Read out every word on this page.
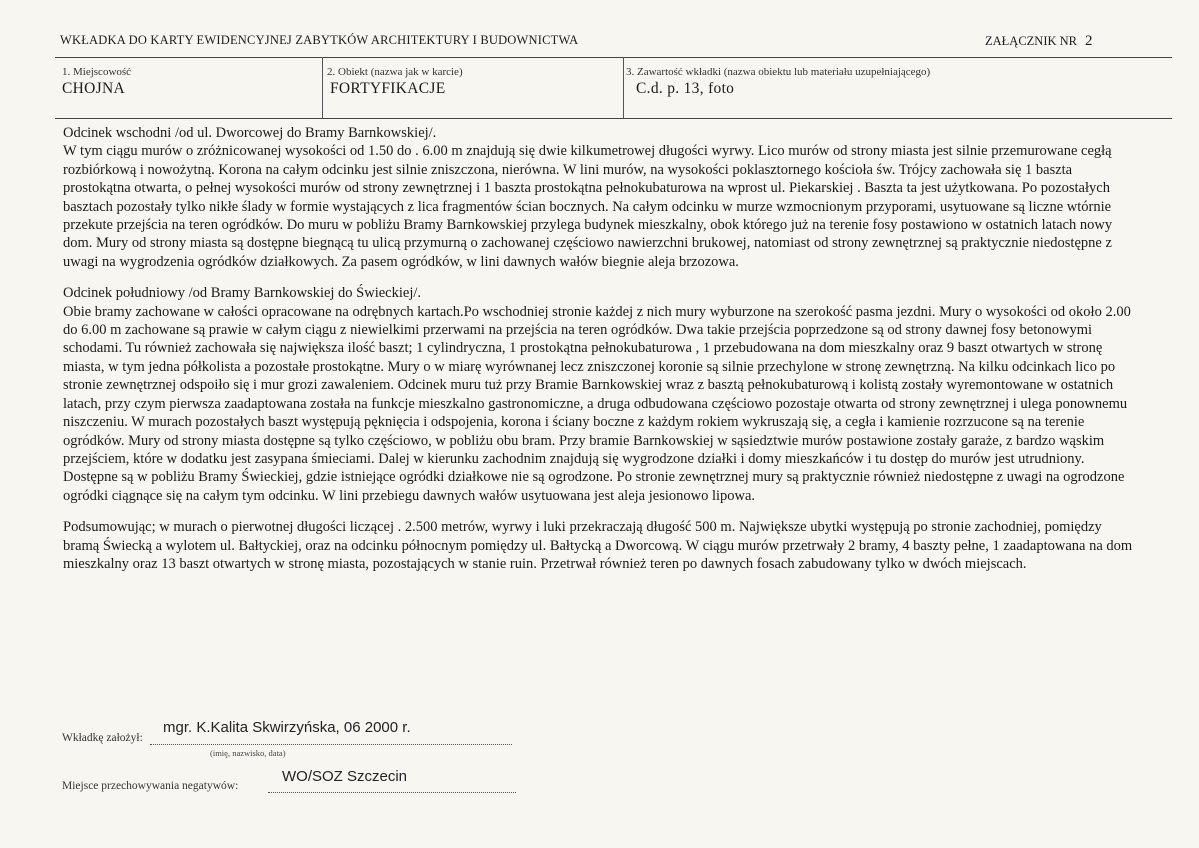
WKŁADKA DO KARTY EWIDENCYJNEJ ZABYTKÓW ARCHITEKTURY I BUDOWNICTWA	ZAŁĄCZNIK NR 2
1. Miejscowość
CHOJNA
2. Obiekt (nazwa jak w karcie)
FORTYFIKACJE
3. Zawartość wkładki (nazwa obiektu lub materiału uzupełniającego)
C.d. p. 13, foto

Odcinek wschodni /od ul. Dworcowej do Bramy Barnkowskiej/.

W tym ciągu murów o zróżnicowanej wysokości od 1.50 do . 6.00 m znajdują się dwie kilkumetrowej długości wyrwy. Lico murów od strony miasta jest silnie przemurowane cegłą rozbiórkową i nowożytną. Korona na całym odcinku jest silnie zniszczona, nierówna. W lini murów, na wysokości poklasztornego kościoła św. Trójcy zachowała się 1 baszta prostokątna otwarta, o pełnej wysokości murów od strony zewnętrznej i 1 baszta prostokątna pełnokubaturowa na wprost ul. Piekarskiej . Baszta ta jest użytkowana. Po pozostałych basztach pozostały tylko nikłe ślady w formie wystających z lica fragmentów ścian bocznych. Na całym odcinku w murze wzmocnionym przyporami, usytuowane są liczne wtórnie przekute przejścia na teren ogródków. Do muru w pobliżu Bramy Barnkowskiej przylega budynek mieszkalny, obok którego już na terenie fosy postawiono w ostatnich latach nowy dom. Mury od strony miasta są dostępne biegnącą tu ulicą przymurną o zachowanej częściowo nawierzchni brukowej, natomiast od strony zewnętrznej są praktycznie niedostępne z uwagi na wygrodzenia ogródków działkowych. Za pasem ogródków, w lini dawnych wałów biegnie aleja brzozowa.

Odcinek południowy /od Bramy Barnkowskiej do Świeckiej/.

Obie bramy zachowane w całości opracowane na odrębnych kartach.Po wschodniej stronie każdej z nich mury wyburzone na szerokość pasma jezdni. Mury o wysokości od około 2.00 do 6.00 m zachowane są prawie w całym ciągu z niewielkimi przerwami na przejścia na teren ogródków. Dwa takie przejścia poprzedzone są od strony dawnej fosy betonowymi schodami. Tu również zachowała się największa ilość baszt; 1 cylindryczna, 1 prostokątna pełnokubaturowa , 1 przebudowana na dom mieszkalny oraz 9 baszt otwartych w stronę miasta, w tym jedna półkolista a pozostałe prostokątne. Mury o w miarę wyrównanej lecz zniszczonej koronie są silnie przechylone w stronę zewnętrzną. Na kilku odcinkach lico po stronie zewnętrznej odspoiło się i mur grozi zawaleniem. Odcinek muru tuż przy Bramie Barnkowskiej wraz z basztą pełnokubaturową i kolistą zostały wyremontowane w ostatnich latach, przy czym pierwsza zaadaptowana została na funkcje mieszkalno gastronomiczne, a druga odbudowana częściowo pozostaje otwarta od strony zewnętrznej i ulega ponownemu niszczeniu. W murach pozostałych baszt występują pęknięcia i odspojenia, korona i ściany boczne z każdym rokiem wykruszają się, a cegła i kamienie rozrzucone są na terenie ogródków. Mury od strony miasta dostępne są tylko częściowo, w pobliżu obu bram. Przy bramie Barnkowskiej w sąsiedztwie murów postawione zostały garaże, z bardzo wąskim przejściem, które w dodatku jest zasypana śmieciami. Dalej w kierunku zachodnim znajdują się wygrodzone działki i domy mieszkańców i tu dostęp do murów jest utrudniony. Dostępne są w pobliżu Bramy Świeckiej, gdzie istniejące ogródki działkowe nie są ogrodzone. Po stronie zewnętrznej mury są praktycznie również niedostępne z uwagi na ogrodzone ogródki ciągnące się na całym tym odcinku. W lini przebiegu dawnych wałów usytuowana jest aleja jesionowo lipowa.

Podsumowując; w murach o pierwotnej długości liczącej . 2.500 metrów, wyrwy i luki przekraczają długość 500 m. Największe ubytki występują po stronie zachodniej, pomiędzy bramą Świecką a wylotem ul. Bałtyckiej, oraz na odcinku północnym pomiędzy ul. Bałtycką a Dworcową. W ciągu murów przetrwały 2 bramy, 4 baszty pełne, 1 zaadaptowana na dom mieszkalny oraz 13 baszt otwartych w stronę miasta, pozostających w stanie ruin. Przetrwał również teren po dawnych fosach zabudowany tylko w dwóch miejscach.

Wkładkę założył:
mgr. K.Kalita Skwirzyńska, 06 2000 r.
(imię, nazwisko, data)
Miejsce przechowywania negatywów:
WO/SOZ Szczecin
